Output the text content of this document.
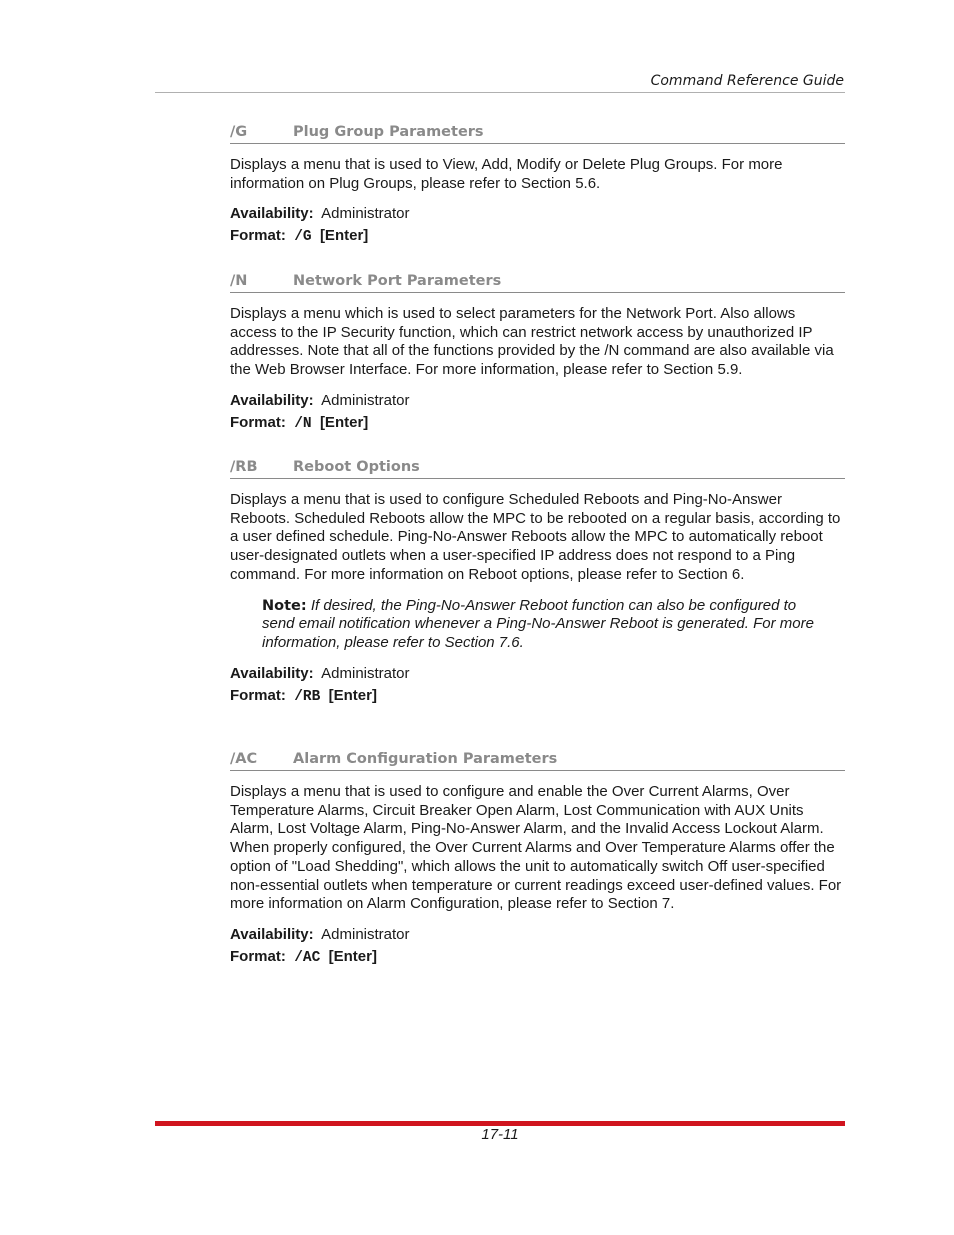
Command Reference Guide
/G	Plug Group Parameters

Displays a menu that is used to View, Add, Modify or Delete Plug Groups. For more information on Plug Groups, please refer to Section 5.6.

Availability: Administrator
Format: /G [Enter]
/N	Network Port Parameters

Displays a menu which is used to select parameters for the Network Port. Also allows access to the IP Security function, which can restrict network access by unauthorized IP addresses. Note that all of the functions provided by the /N command are also available via the Web Browser Interface. For more information, please refer to Section 5.9.

Availability: Administrator
Format: /N [Enter]
/RB Reboot Options

Displays a menu that is used to configure Scheduled Reboots and Ping-No-Answer Reboots. Scheduled Reboots allow the MPC to be rebooted on a regular basis, according to a user defined schedule. Ping-No-Answer Reboots allow the MPC to automatically reboot user-designated outlets when a user-specified IP address does not respond to a Ping command. For more information on Reboot options, please refer to Section 6.

Note: If desired, the Ping-No-Answer Reboot function can also be configured to send email notification whenever a Ping-No-Answer Reboot is generated. For more information, please refer to Section 7.6.

Availability: Administrator
Format: /RB [Enter]
/AC Alarm Configuration Parameters

Displays a menu that is used to configure and enable the Over Current Alarms, Over Temperature Alarms, Circuit Breaker Open Alarm, Lost Communication with AUX Units Alarm, Lost Voltage Alarm, Ping-No-Answer Alarm, and the Invalid Access Lockout Alarm. When properly configured, the Over Current Alarms and Over Temperature Alarms offer the option of "Load Shedding", which allows the unit to automatically switch Off user-specified non-essential outlets when temperature or current readings exceed user-defined values. For more information on Alarm Configuration, please refer to Section 7.

Availability: Administrator
Format: /AC [Enter]
17-11
